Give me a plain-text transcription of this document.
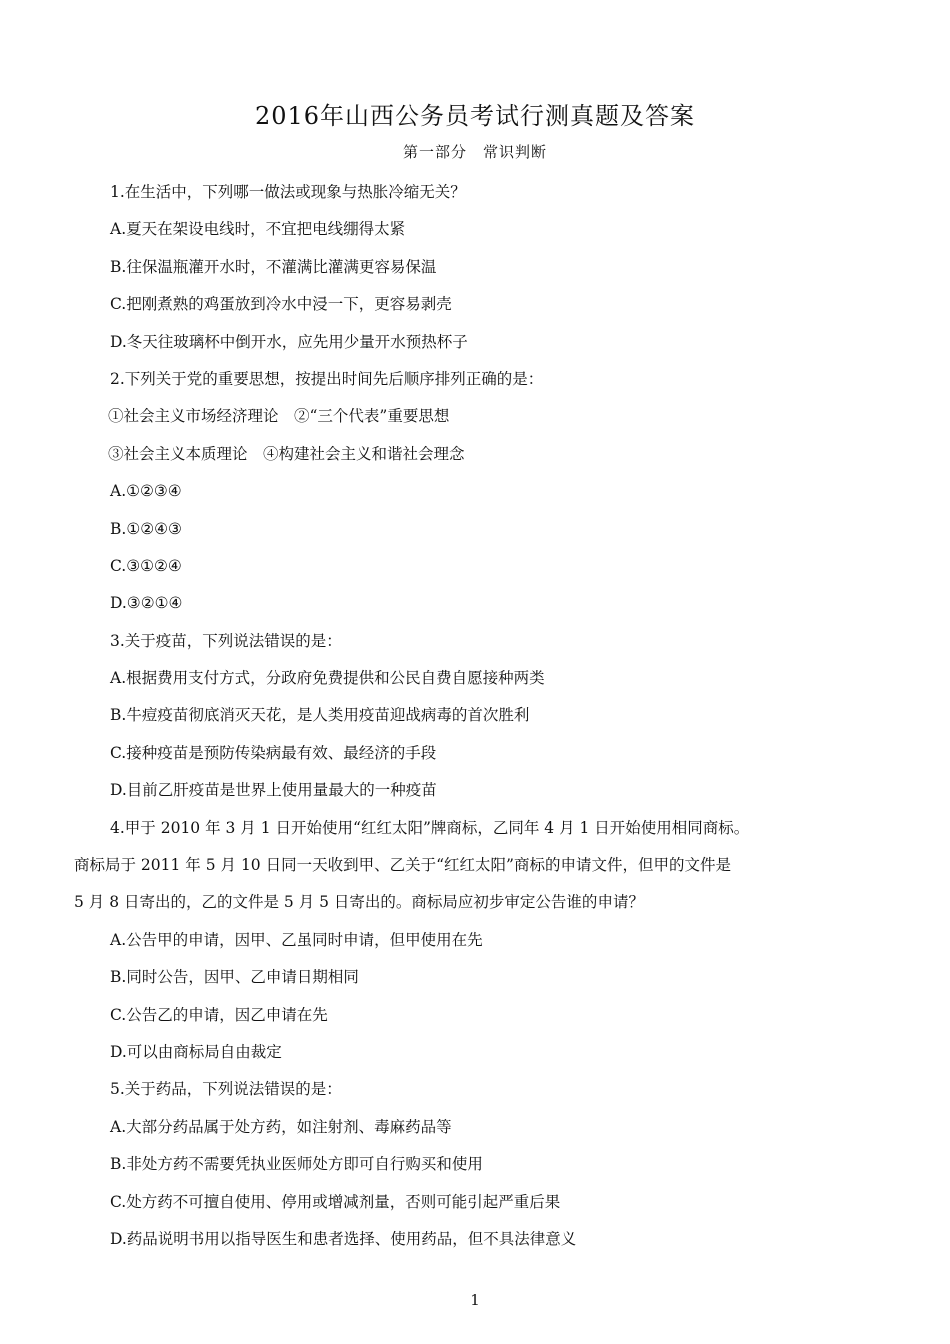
2016年山西公务员考试行测真题及答案
第一部分　常识判断
1.在生活中，下列哪一做法或现象与热胀冷缩无关？
A.夏天在架设电线时，不宜把电线绷得太紧
B.往保温瓶灌开水时，不灌满比灌满更容易保温
C.把刚煮熟的鸡蛋放到冷水中浸一下，更容易剥壳
D.冬天往玻璃杯中倒开水，应先用少量开水预热杯子
2.下列关于党的重要思想，按提出时间先后顺序排列正确的是：
①社会主义市场经济理论　②“三个代表”重要思想
③社会主义本质理论　④构建社会主义和谐社会理念
A.①②③④
B.①②④③
C.③①②④
D.③②①④
3.关于疫苗，下列说法错误的是：
A.根据费用支付方式，分政府免费提供和公民自费自愿接种两类
B.牛痘疫苗彻底消灭天花，是人类用疫苗迎战病毒的首次胜利
C.接种疫苗是预防传染病最有效、最经济的手段
D.目前乙肝疫苗是世界上使用量最大的一种疫苗
4.甲于 2010 年 3 月 1 日开始使用“红红太阳”牌商标，乙同年 4 月 1 日开始使用相同商标。
商标局于 2011 年 5 月 10 日同一天收到甲、乙关于“红红太阳”商标的申请文件，但甲的文件是
5 月 8 日寄出的，乙的文件是 5 月 5 日寄出的。商标局应初步审定公告谁的申请？
A.公告甲的申请，因甲、乙虽同时申请，但甲使用在先
B.同时公告，因甲、乙申请日期相同
C.公告乙的申请，因乙申请在先
D.可以由商标局自由裁定
5.关于药品，下列说法错误的是：
A.大部分药品属于处方药，如注射剂、毒麻药品等
B.非处方药不需要凭执业医师处方即可自行购买和使用
C.处方药不可擅自使用、停用或增减剂量，否则可能引起严重后果
D.药品说明书用以指导医生和患者选择、使用药品，但不具法律意义
1
